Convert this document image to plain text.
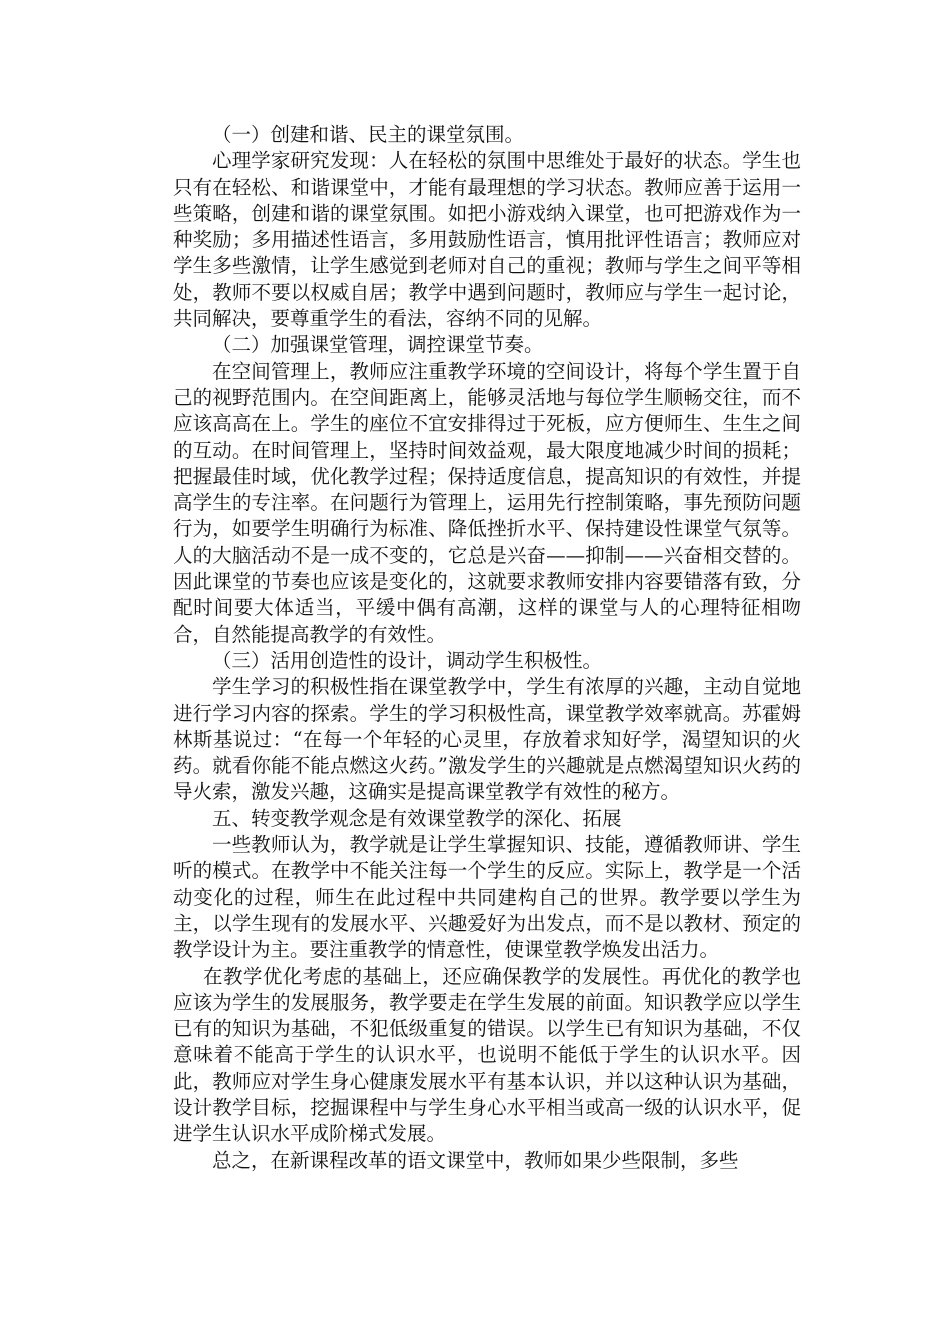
（一）创建和谐、民主的课堂氛围。

心理学家研究发现：人在轻松的氛围中思维处于最好的状态。学生也只有在轻松、和谐课堂中，才能有最理想的学习状态。教师应善于运用一些策略，创建和谐的课堂氛围。如把小游戏纳入课堂，也可把游戏作为一种奖励；多用描述性语言，多用鼓励性语言，慎用批评性语言；教师应对学生多些激情，让学生感觉到老师对自己的重视；教师与学生之间平等相处，教师不要以权威自居；教学中遇到问题时，教师应与学生一起讨论，共同解决，要尊重学生的看法，容纳不同的见解。

（二）加强课堂管理，调控课堂节奏。

在空间管理上，教师应注重教学环境的空间设计，将每个学生置于自己的视野范围内。在空间距离上，能够灵活地与每位学生顺畅交往，而不应该高高在上。学生的座位不宜安排得过于死板，应方便师生、生生之间的互动。在时间管理上，坚持时间效益观，最大限度地减少时间的损耗；把握最佳时域，优化教学过程；保持适度信息，提高知识的有效性，并提高学生的专注率。在问题行为管理上，运用先行控制策略，事先预防问题行为，如要学生明确行为标准、降低挫折水平、保持建设性课堂气氛等。人的大脑活动不是一成不变的，它总是兴奋——抑制——兴奋相交替的。因此课堂的节奏也应该是变化的，这就要求教师安排内容要错落有致，分配时间要大体适当，平缓中偶有高潮，这样的课堂与人的心理特征相吻合，自然能提高教学的有效性。

（三）活用创造性的设计，调动学生积极性。

学生学习的积极性指在课堂教学中，学生有浓厚的兴趣，主动自觉地进行学习内容的探索。学生的学习积极性高，课堂教学效率就高。苏霍姆林斯基说过：“在每一个年轻的心灵里，存放着求知好学，渴望知识的火药。就看你能不能点燃这火药。”激发学生的兴趣就是点燃渴望知识火药的导火索，激发兴趣，这确实是提高课堂教学有效性的秘方。

五、转变教学观念是有效课堂教学的深化、拓展

一些教师认为，教学就是让学生掌握知识、技能，遵循教师讲、学生听的模式。在教学中不能关注每一个学生的反应。实际上，教学是一个活动变化的过程，师生在此过程中共同建构自己的世界。教学要以学生为主，以学生现有的发展水平、兴趣爱好为出发点，而不是以教材、预定的教学设计为主。要注重教学的情意性，使课堂教学焕发出活力。

在教学优化考虑的基础上，还应确保教学的发展性。再优化的教学也应该为学生的发展服务，教学要走在学生发展的前面。知识教学应以学生已有的知识为基础，不犯低级重复的错误。以学生已有知识为基础，不仅意味着不能高于学生的认识水平，也说明不能低于学生的认识水平。因此，教师应对学生身心健康发展水平有基本认识，并以这种认识为基础，设计教学目标，挖掘课程中与学生身心水平相当或高一级的认识水平，促进学生认识水平成阶梯式发展。

总之，在新课程改革的语文课堂中，教师如果少些限制，多些
